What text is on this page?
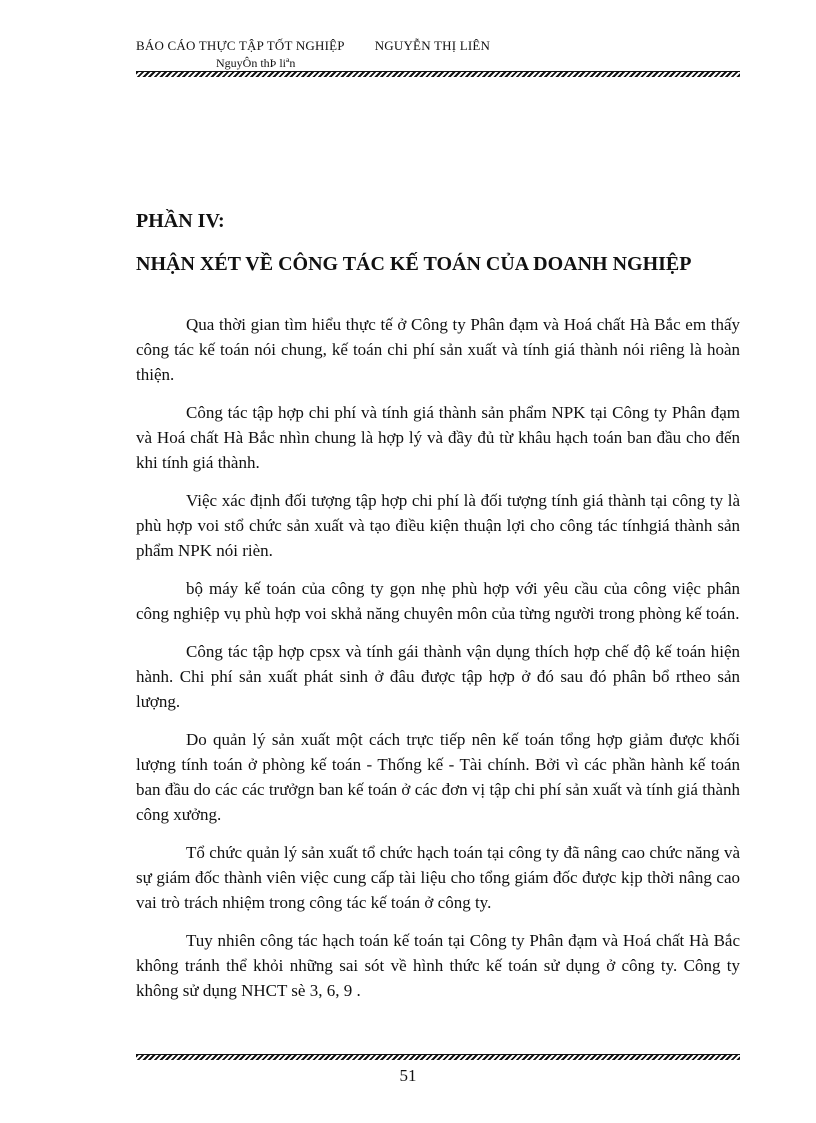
BÁO CÁO THỰC TẬP TỐT NGHIỆP NGUYỄN THỊ LIÊN
NguyÔn thÞ liªn
PHẦN IV:
NHẬN XÉT VỀ CÔNG TÁC KẾ TOÁN CỦA DOANH NGHIỆP

Qua thời gian tìm hiểu thực tế ở Công ty Phân đạm và Hoá chất Hà Bắc em thấy công tác kế toán nói chung, kế toán chi phí sản xuất và tính giá thành nói riêng là hoàn thiện.

Công tác tập hợp chi phí và tính giá thành sản phẩm NPK tại Công ty Phân đạm và Hoá chất Hà Bắc nhìn chung là hợp lý và đầy đủ từ khâu hạch toán ban đầu cho đến khi tính giá thành.

Việc xác định đối tượng tập hợp chi phí là đối tượng tính giá thành tại công ty là phù hợp voi stổ chức sản xuất và tạo điều kiện thuận lợi cho công tác tínhgiá thành sản phẩm NPK nói rièn.

bộ máy kế toán của công ty gọn nhẹ phù hợp với yêu cầu của công việc phân công nghiệp vụ phù hợp voi skhả năng chuyên môn của từng người trong phòng kế toán.

Công tác tập hợp cpsx và tính gái thành vận dụng thích hợp chế độ kế toán hiện hành. Chi phí sản xuất phát sinh ở đâu được tập hợp ở đó sau đó phân bổ rtheo sản lượng.

Do quản lý sản xuất một cách trực tiếp nên kế toán tổng hợp giảm được khối lượng tính toán ở phòng kế toán - Thống kế - Tài chính. Bởi vì các phần hành kế toán ban đầu do các các trưởgn ban kế toán ở các đơn vị tập chi phí sản xuất và tính giá thành công xưởng.

Tổ chức quản lý sản xuất tổ chức hạch toán tại công ty đã nâng cao chức năng và sự giám đốc thành viên việc cung cấp tài liệu cho tổng giám đốc được kịp thời nâng cao vai trò trách nhiệm trong công tác kế toán ở công ty.

Tuy nhiên công tác hạch toán kế toán tại Công ty Phân đạm và Hoá chất Hà Bắc không tránh thể khỏi những sai sót về hình thức kế toán sử dụng ở công ty. Công ty không sử dụng NHCT sè 3, 6, 9 .

51
